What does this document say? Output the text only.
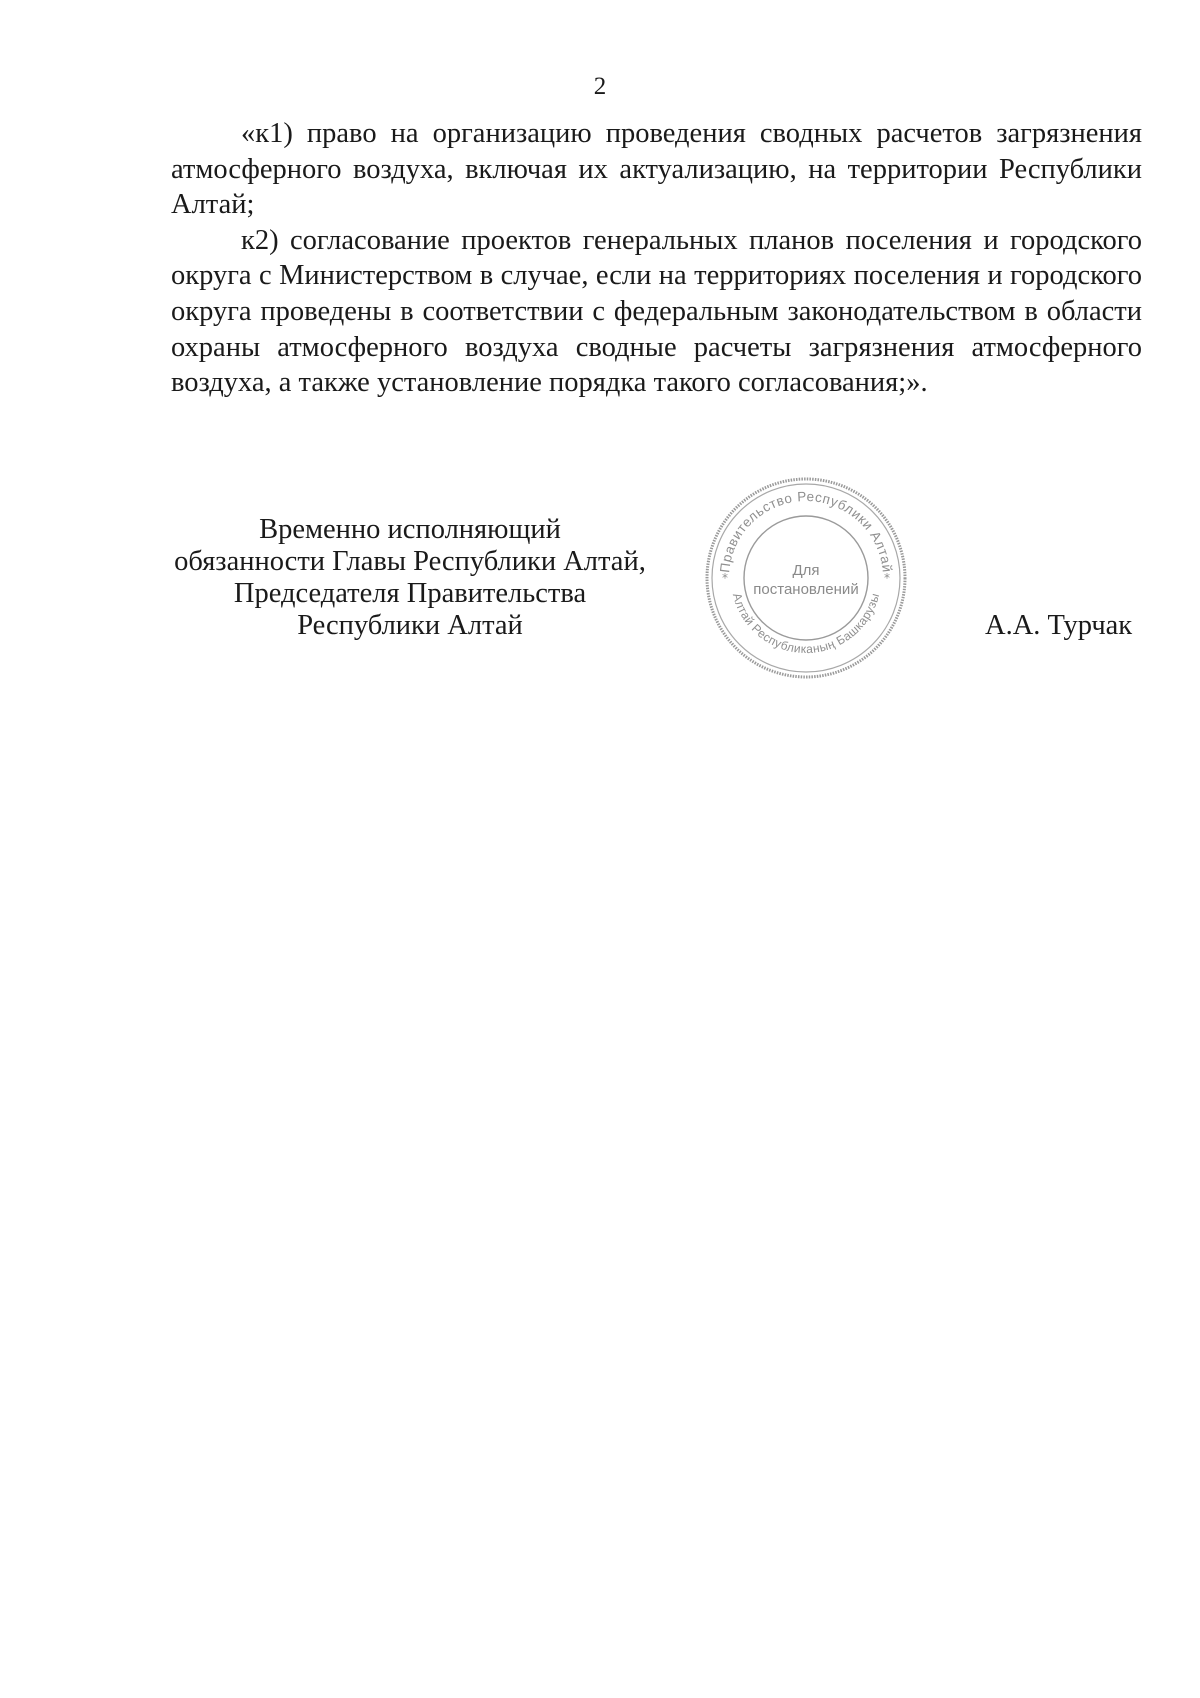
2

«к1) право на организацию проведения сводных расчетов загрязнения атмосферного воздуха, включая их актуализацию, на территории Республики Алтай;

к2) согласование проектов генеральных планов поселения и городского округа с Министерством в случае, если на территориях поселения и городского округа проведены в соответствии с федеральным законодательством в области охраны атмосферного воздуха сводные расчеты загрязнения атмосферного воздуха, а также установление порядка такого согласования;».

Временно исполняющий
обязанности Главы Республики Алтай,
Председателя Правительства
Республики Алтай
Правительство Республики Алтай
Алтай Республиканың Башкарузы
*	*
Для
постановлений
А.А. Турчак
